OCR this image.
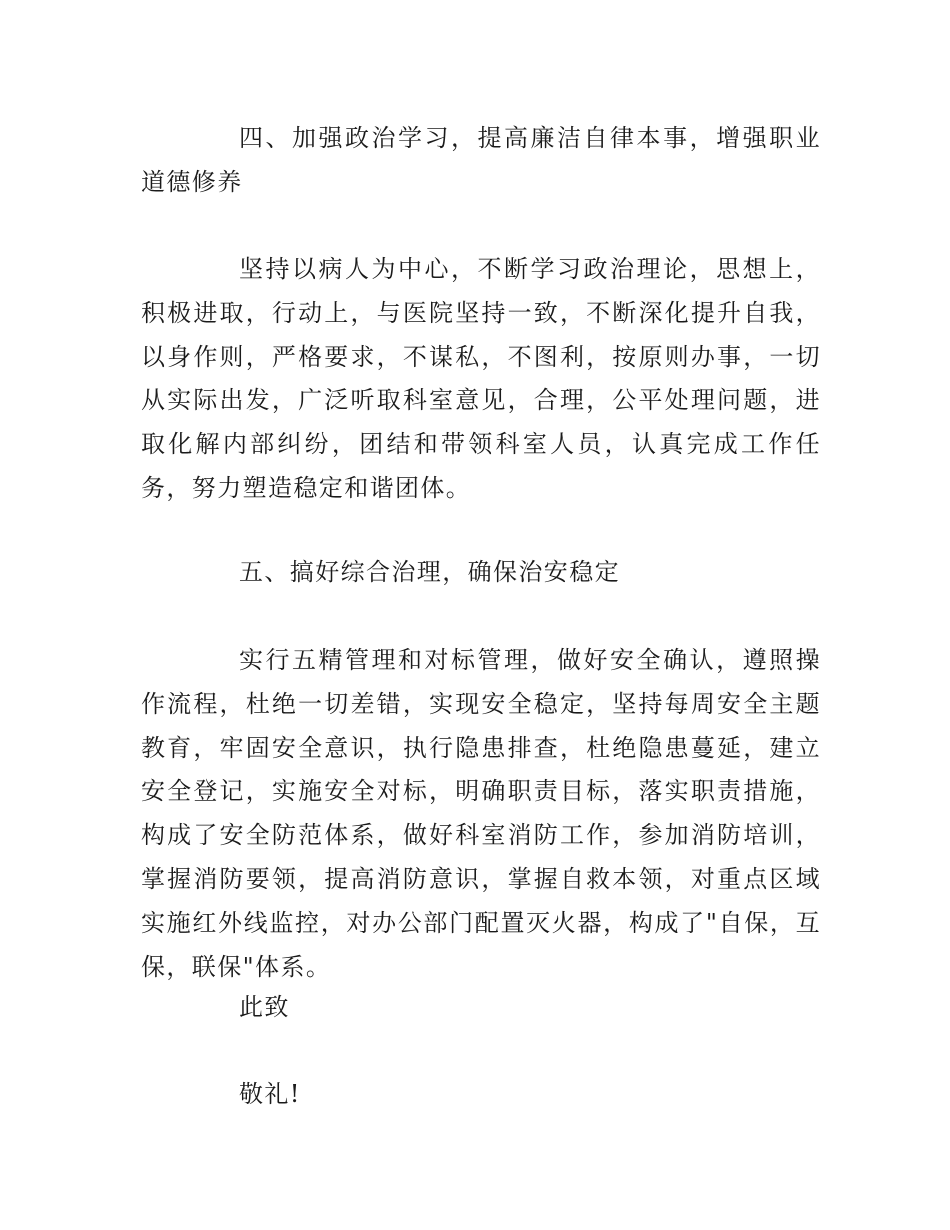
四、加强政治学习，提高廉洁自律本事，增强职业道德修养

坚持以病人为中心，不断学习政治理论，思想上，积极进取，行动上，与医院坚持一致，不断深化提升自我，以身作则，严格要求，不谋私，不图利，按原则办事，一切从实际出发，广泛听取科室意见，合理，公平处理问题，进取化解内部纠纷，团结和带领科室人员，认真完成工作任务，努力塑造稳定和谐团体。

五、搞好综合治理，确保治安稳定

实行五精管理和对标管理，做好安全确认，遵照操作流程，杜绝一切差错，实现安全稳定，坚持每周安全主题教育，牢固安全意识，执行隐患排查，杜绝隐患蔓延，建立安全登记，实施安全对标，明确职责目标，落实职责措施，构成了安全防范体系，做好科室消防工作，参加消防培训，掌握消防要领，提高消防意识，掌握自救本领，对重点区域实施红外线监控，对办公部门配置灭火器，构成了"自保，互保，联保"体系。

此致

敬礼!
